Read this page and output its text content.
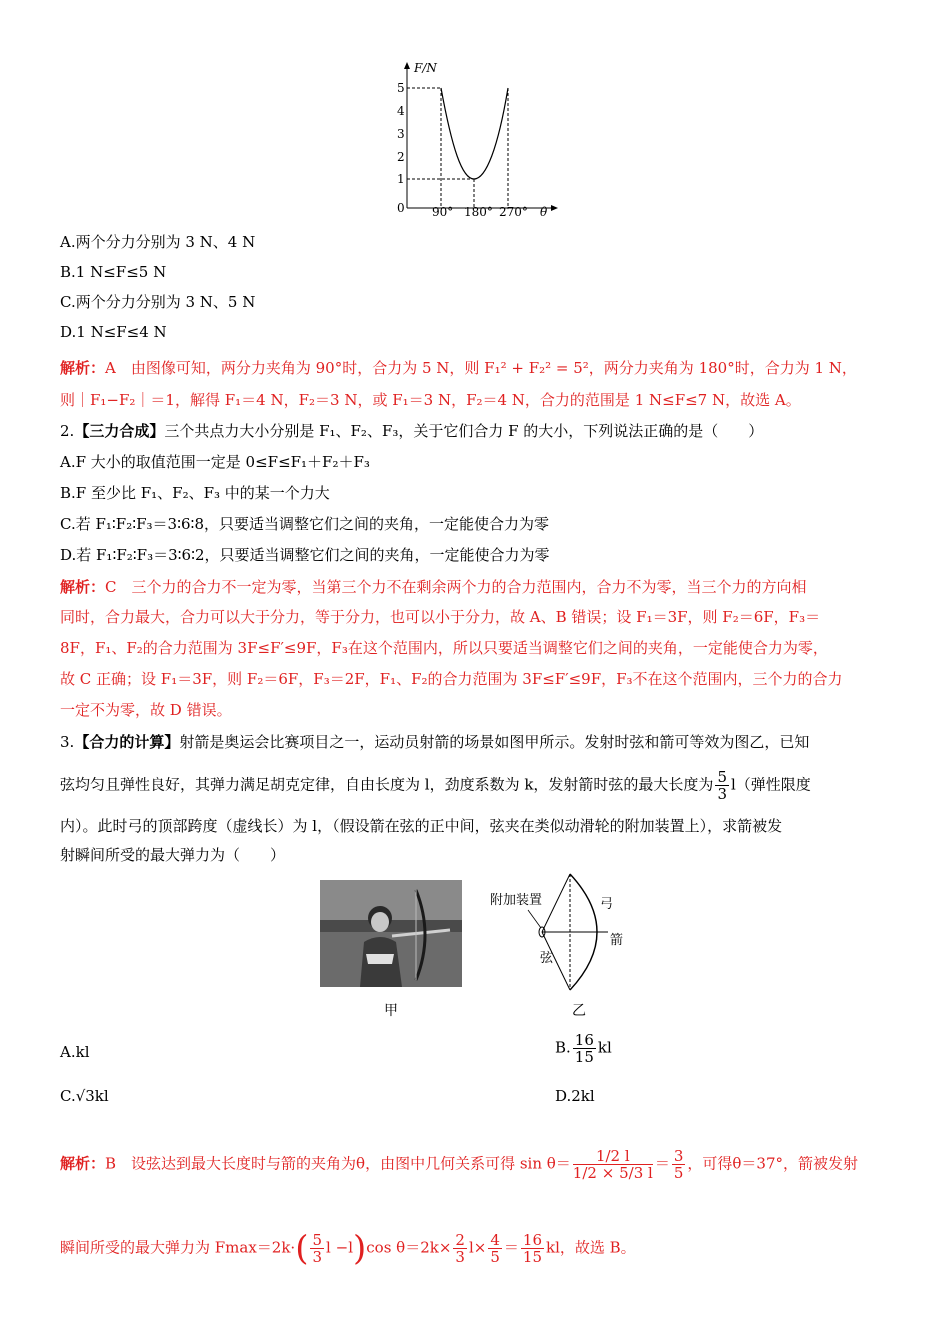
F/N
0
1
2
3
4
5
90° 180° 270° θ
A.两个分力分别为 3 N、4 N
B.1 N≤F≤5 N
C.两个分力分别为 3 N、5 N
D.1 N≤F≤4 N
解析：A　由图像可知，两分力夹角为 90°时，合力为 5 N，则 F₁² + F₂² = 5²，两分力夹角为 180°时，合力为 1 N，
则｜F₁−F₂｜＝1，解得 F₁＝4 N，F₂＝3 N，或 F₁＝3 N，F₂＝4 N，合力的范围是 1 N≤F≤7 N，故选 A。
2.【三力合成】三个共点力大小分别是 F₁、F₂、F₃，关于它们合力 F 的大小，下列说法正确的是（　　）
A.F 大小的取值范围一定是 0≤F≤F₁＋F₂＋F₃
B.F 至少比 F₁、F₂、F₃ 中的某一个力大
C.若 F₁∶F₂∶F₃＝3∶6∶8，只要适当调整它们之间的夹角，一定能使合力为零
D.若 F₁∶F₂∶F₃＝3∶6∶2，只要适当调整它们之间的夹角，一定能使合力为零
解析：C　三个力的合力不一定为零，当第三个力不在剩余两个力的合力范围内，合力不为零，当三个力的方向相
同时，合力最大，合力可以大于分力，等于分力，也可以小于分力，故 A、B 错误；设 F₁＝3F，则 F₂＝6F，F₃＝
8F，F₁、F₂的合力范围为 3F≤F′≤9F，F₃在这个范围内，所以只要适当调整它们之间的夹角，一定能使合力为零，
故 C 正确；设 F₁＝3F，则 F₂＝6F，F₃＝2F，F₁、F₂的合力范围为 3F≤F′≤9F，F₃不在这个范围内，三个力的合力
一定不为零，故 D 错误。
3.【合力的计算】射箭是奥运会比赛项目之一，运动员射箭的场景如图甲所示。发射时弦和箭可等效为图乙，已知
弦均匀且弹性良好，其弹力满足胡克定律，自由长度为 l，劲度系数为 k，发射箭时弦的最大长度为 $\frac{5}{3} l$（弹性限度
内）。此时弓的顶部跨度（虚线长）为 l，（假设箭在弦的正中间，弦夹在类似动滑轮的附加装置上），求箭被发
射瞬间所受的最大弹力为（　　）
甲
附加装置	弓
箭
弦
乙
A.kl	B. $\frac{16}{15}$ kl
C.√3kl	D.2kl
解析：B　设弦达到最大长度时与箭的夹角为θ，由图中几何关系可得 $\sin \theta= \frac{1/2 l}{1/2 \times 5/3 l} = \frac{3}{5}$ ，可得θ＝37°，箭被发射
瞬间所受的最大弹力为 $Fmax=2k\cdot( \frac{5}{3}$ l −l)cos $\theta=2k\times \frac{2}{3} l\times \frac{4}{5} = \frac{16}{15}$ kl，故选 B。
